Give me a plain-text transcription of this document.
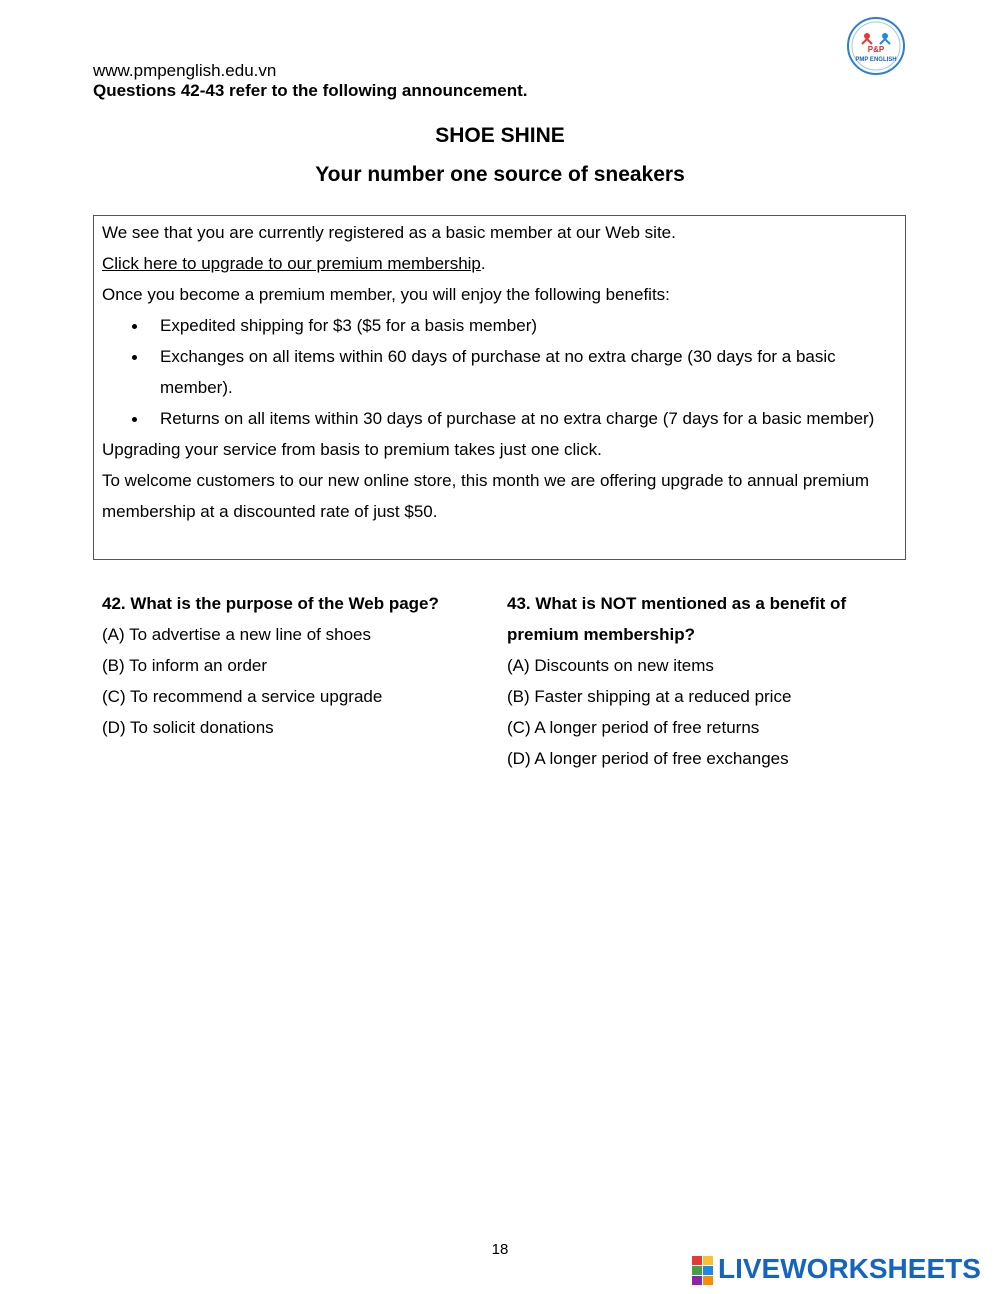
www.pmpenglish.edu.vn
Questions 42-43 refer to the following announcement.
P&P
PMP ENGLISH
SHOE SHINE
Your number one source of sneakers

We see that you are currently registered as a basic member at our Web site.

Click here to upgrade to our premium membership.

Once you become a premium member, you will enjoy the following benefits:

Expedited shipping for $3 ($5 for a basis member)
Exchanges on all items within 60 days of purchase at no extra charge (30 days for a basic member).
Returns on all items within 30 days of purchase at no extra charge (7 days for a basic member)

Upgrading your service from basis to premium takes just one click.

To welcome customers to our new online store, this month we are offering upgrade to annual premium membership at a discounted rate of just $50.

42. What is the purpose of the Web page?

(A) To advertise a new line of shoes

(B) To inform an order

(C) To recommend a service upgrade

(D) To solicit donations

43. What is NOT mentioned as a benefit of premium membership?

(A) Discounts on new items

(B) Faster shipping at a reduced price

(C) A longer period of free returns

(D) A longer period of free exchanges

18
LIVEWORKSHEETS
